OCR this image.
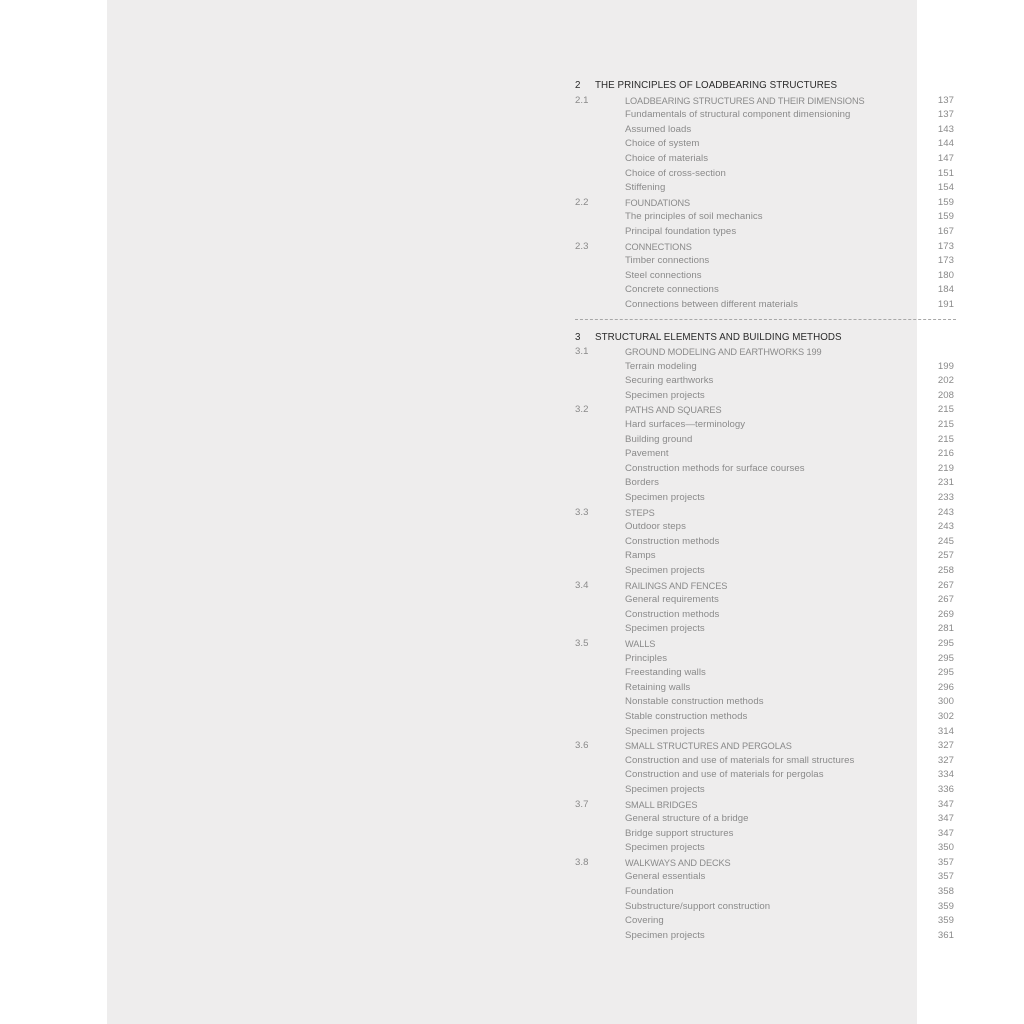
2 THE PRINCIPLES OF LOADBEARING STRUCTURES
2.1	LOADBEARING STRUCTURES AND THEIR DIMENSIONS	137
Fundamentals of structural component dimensioning	137
Assumed loads	143
Choice of system	144
Choice of materials	147
Choice of cross-section	151
Stiffening	154
2.2	FOUNDATIONS	159
The principles of soil mechanics	159
Principal foundation types	167
2.3	CONNECTIONS	173
Timber connections	173
Steel connections	180
Concrete connections	184
Connections between different materials	191
3 STRUCTURAL ELEMENTS AND BUILDING METHODS
3.1	GROUND MODELING AND EARTHWORKS 199
Terrain modeling	199
Securing earthworks	202
Specimen projects	208
3.2	PATHS AND SQUARES	215
Hard surfaces—terminology	215
Building ground	215
Pavement	216
Construction methods for surface courses	219
Borders	231
Specimen projects	233
3.3	STEPS	243
Outdoor steps	243
Construction methods	245
Ramps	257
Specimen projects	258
3.4	RAILINGS AND FENCES	267
General requirements	267
Construction methods	269
Specimen projects	281
3.5	WALLS	295
Principles	295
Freestanding walls	295
Retaining walls	296
Nonstable construction methods	300
Stable construction methods	302
Specimen projects	314
3.6	SMALL STRUCTURES AND PERGOLAS	327
Construction and use of materials for small structures	327
Construction and use of materials for pergolas	334
Specimen projects	336
3.7	SMALL BRIDGES	347
General structure of a bridge	347
Bridge support structures	347
Specimen projects	350
3.8	WALKWAYS AND DECKS	357
General essentials	357
Foundation	358
Substructure/support construction	359
Covering	359
Specimen projects	361
